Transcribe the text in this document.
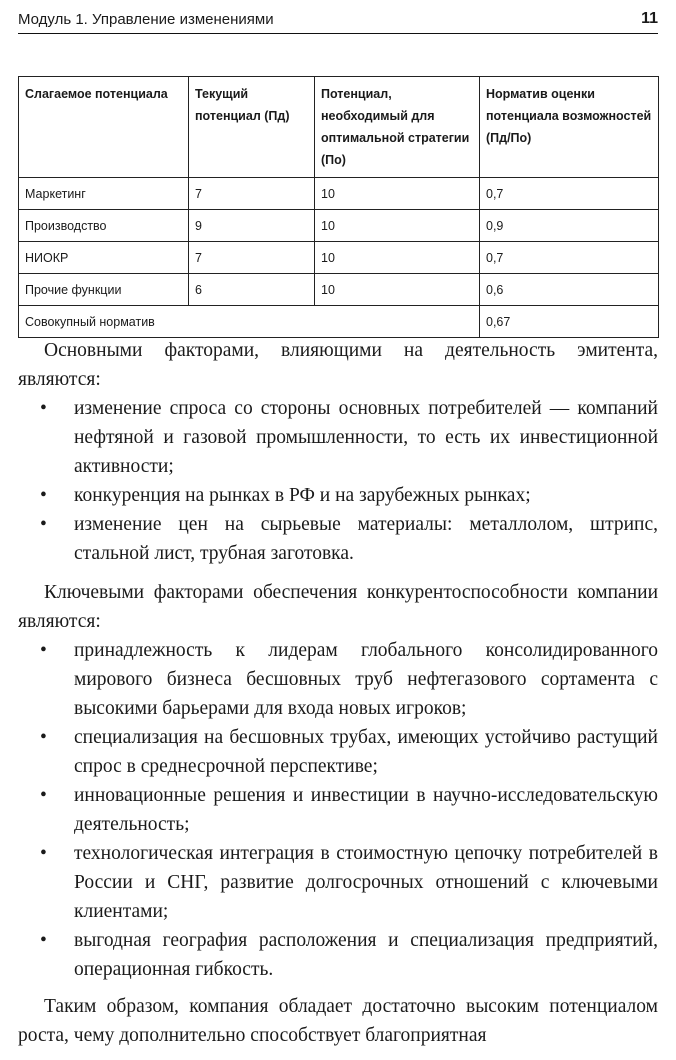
Модуль 1. Управление изменениями	11
Слагаемое потенциала	Текущий потенциал (Пд)	Потенциал, необходимый для оптимальной стратегии (По)	Норматив оценки потенциала возможностей (Пд/По)
Маркетинг	7	10	0,7
Производство	9	10	0,9
НИОКР	7	10	0,7
Прочие функции	6	10	0,6
Совокупный норматив			0,67

Основными факторами, влияющими на деятельность эмитента, являются:

• изменение спроса со стороны основных потребителей — компаний нефтяной и газовой промышленности, то есть их инвестиционной активности;
• конкуренция на рынках в РФ и на зарубежных рынках;
• изменение цен на сырьевые материалы: металлолом, штрипс, стальной лист, трубная заготовка.

Ключевыми факторами обеспечения конкурентоспособности компании являются:

• принадлежность к лидерам глобального консолидированного мирового бизнеса бесшовных труб нефтегазового сортамента с высокими барьерами для входа новых игроков;
• специализация на бесшовных трубах, имеющих устойчиво растущий спрос в среднесрочной перспективе;
• инновационные решения и инвестиции в научно-исследовательскую деятельность;
• технологическая интеграция в стоимостную цепочку потребителей в России и СНГ, развитие долгосрочных отношений с ключевыми клиентами;
• выгодная география расположения и специализация предприятий, операционная гибкость.

Таким образом, компания обладает достаточно высоким потенциалом роста, чему дополнительно способствует благоприятная
